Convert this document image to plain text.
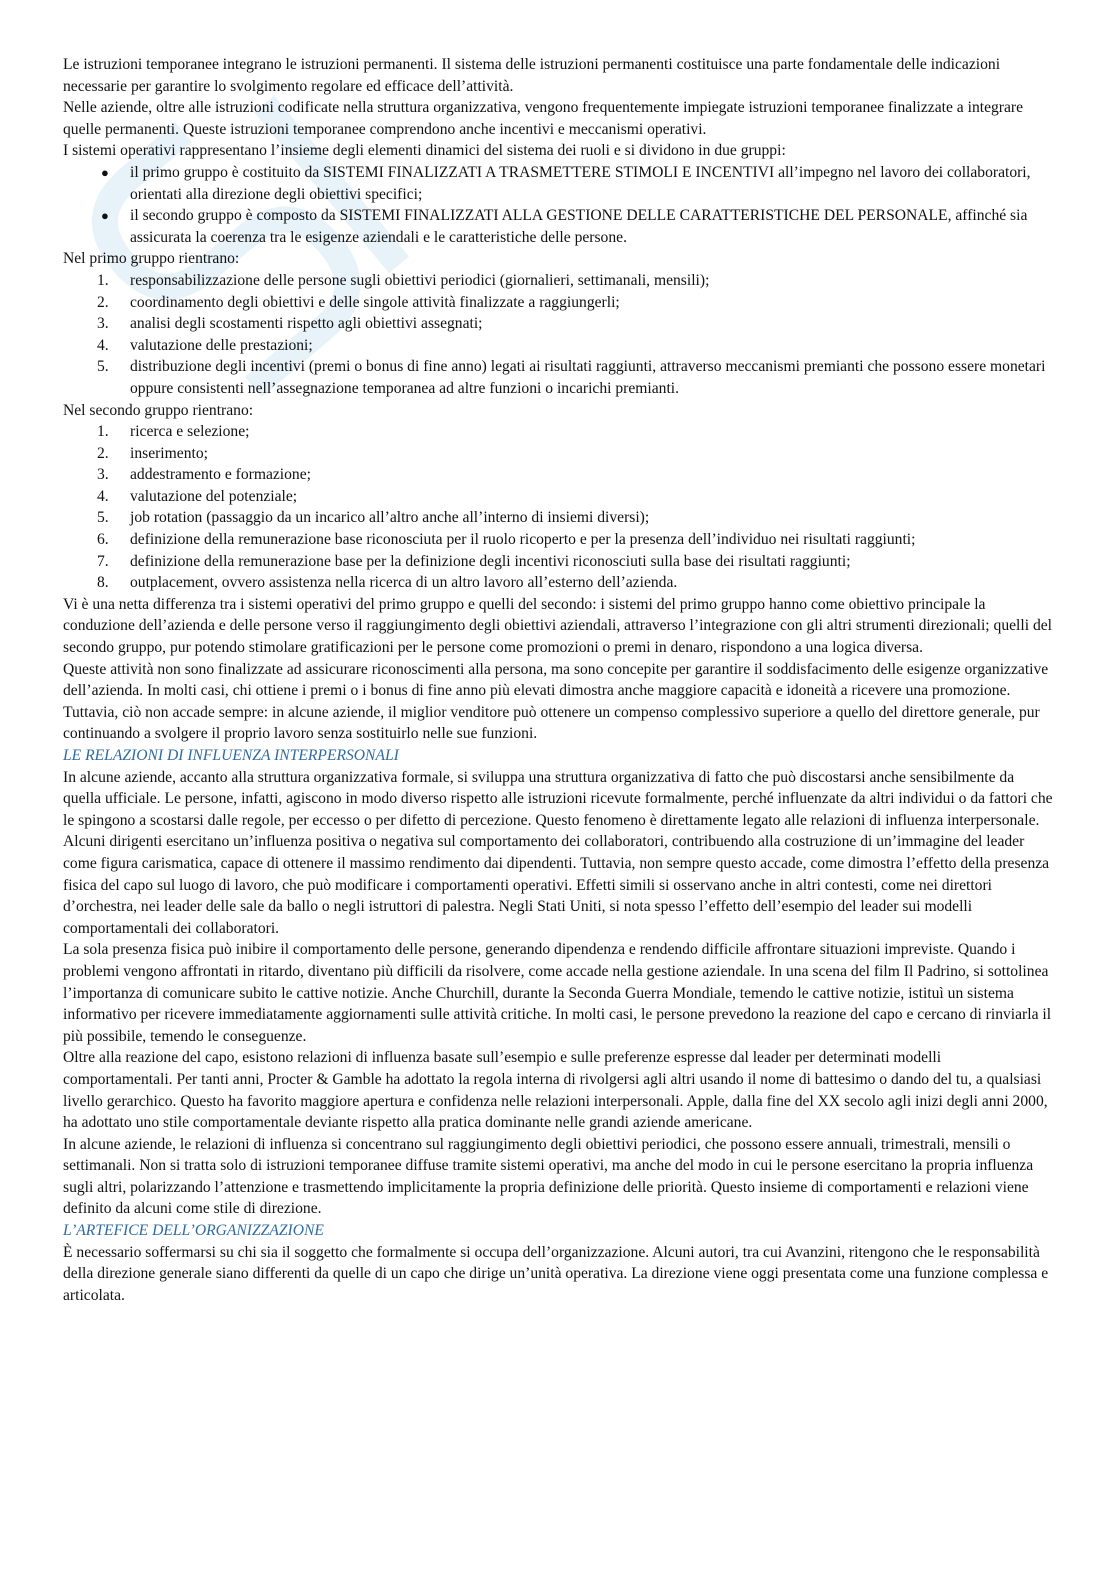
Le istruzioni temporanee integrano le istruzioni permanenti. Il sistema delle istruzioni permanenti costituisce una parte fondamentale delle indicazioni necessarie per garantire lo svolgimento regolare ed efficace dell’attività.

Nelle aziende, oltre alle istruzioni codificate nella struttura organizzativa, vengono frequentemente impiegate istruzioni temporanee finalizzate a integrare quelle permanenti. Queste istruzioni temporanee comprendono anche incentivi e meccanismi operativi.

I sistemi operativi rappresentano l’insieme degli elementi dinamici del sistema dei ruoli e si dividono in due gruppi:

● il primo gruppo è costituito da SISTEMI FINALIZZATI A TRASMETTERE STIMOLI E INCENTIVI all’impegno nel lavoro dei collaboratori, orientati alla direzione degli obiettivi specifici;
● il secondo gruppo è composto da SISTEMI FINALIZZATI ALLA GESTIONE DELLE CARATTERISTICHE DEL PERSONALE, affinché sia assicurata la coerenza tra le esigenze aziendali e le caratteristiche delle persone.

Nel primo gruppo rientrano:

1. responsabilizzazione delle persone sugli obiettivi periodici (giornalieri, settimanali, mensili);
2. coordinamento degli obiettivi e delle singole attività finalizzate a raggiungerli;
3. analisi degli scostamenti rispetto agli obiettivi assegnati;
4. valutazione delle prestazioni;
5. distribuzione degli incentivi (premi o bonus di fine anno) legati ai risultati raggiunti, attraverso meccanismi premianti che possono essere monetari oppure consistenti nell’assegnazione temporanea ad altre funzioni o incarichi premianti.

Nel secondo gruppo rientrano:

1. ricerca e selezione;
2. inserimento;
3. addestramento e formazione;
4. valutazione del potenziale;
5. job rotation (passaggio da un incarico all’altro anche all’interno di insiemi diversi);
6. definizione della remunerazione base riconosciuta per il ruolo ricoperto e per la presenza dell’individuo nei risultati raggiunti;
7. definizione della remunerazione base per la definizione degli incentivi riconosciuti sulla base dei risultati raggiunti;
8. outplacement, ovvero assistenza nella ricerca di un altro lavoro all’esterno dell’azienda.

Vi è una netta differenza tra i sistemi operativi del primo gruppo e quelli del secondo: i sistemi del primo gruppo hanno come obiettivo principale la conduzione dell’azienda e delle persone verso il raggiungimento degli obiettivi aziendali, attraverso l’integrazione con gli altri strumenti direzionali; quelli del secondo gruppo, pur potendo stimolare gratificazioni per le persone come promozioni o premi in denaro, rispondono a una logica diversa.

Queste attività non sono finalizzate ad assicurare riconoscimenti alla persona, ma sono concepite per garantire il soddisfacimento delle esigenze organizzative dell’azienda. In molti casi, chi ottiene i premi o i bonus di fine anno più elevati dimostra anche maggiore capacità e idoneità a ricevere una promozione. Tuttavia, ciò non accade sempre: in alcune aziende, il miglior venditore può ottenere un compenso complessivo superiore a quello del direttore generale, pur continuando a svolgere il proprio lavoro senza sostituirlo nelle sue funzioni.

LE RELAZIONI DI INFLUENZA INTERPERSONALI

In alcune aziende, accanto alla struttura organizzativa formale, si sviluppa una struttura organizzativa di fatto che può discostarsi anche sensibilmente da quella ufficiale. Le persone, infatti, agiscono in modo diverso rispetto alle istruzioni ricevute formalmente, perché influenzate da altri individui o da fattori che le spingono a scostarsi dalle regole, per eccesso o per difetto di percezione. Questo fenomeno è direttamente legato alle relazioni di influenza interpersonale.

Alcuni dirigenti esercitano un’influenza positiva o negativa sul comportamento dei collaboratori, contribuendo alla costruzione di un’immagine del leader come figura carismatica, capace di ottenere il massimo rendimento dai dipendenti. Tuttavia, non sempre questo accade, come dimostra l’effetto della presenza fisica del capo sul luogo di lavoro, che può modificare i comportamenti operativi. Effetti simili si osservano anche in altri contesti, come nei direttori d’orchestra, nei leader delle sale da ballo o negli istruttori di palestra. Negli Stati Uniti, si nota spesso l’effetto dell’esempio del leader sui modelli comportamentali dei collaboratori.

La sola presenza fisica può inibire il comportamento delle persone, generando dipendenza e rendendo difficile affrontare situazioni impreviste. Quando i problemi vengono affrontati in ritardo, diventano più difficili da risolvere, come accade nella gestione aziendale. In una scena del film Il Padrino, si sottolinea l’importanza di comunicare subito le cattive notizie. Anche Churchill, durante la Seconda Guerra Mondiale, temendo le cattive notizie, istituì un sistema informativo per ricevere immediatamente aggiornamenti sulle attività critiche. In molti casi, le persone prevedono la reazione del capo e cercano di rinviarla il più possibile, temendo le conseguenze.

Oltre alla reazione del capo, esistono relazioni di influenza basate sull’esempio e sulle preferenze espresse dal leader per determinati modelli comportamentali. Per tanti anni, Procter & Gamble ha adottato la regola interna di rivolgersi agli altri usando il nome di battesimo o dando del tu, a qualsiasi livello gerarchico. Questo ha favorito maggiore apertura e confidenza nelle relazioni interpersonali. Apple, dalla fine del XX secolo agli inizi degli anni 2000, ha adottato uno stile comportamentale deviante rispetto alla pratica dominante nelle grandi aziende americane.

In alcune aziende, le relazioni di influenza si concentrano sul raggiungimento degli obiettivi periodici, che possono essere annuali, trimestrali, mensili o settimanali. Non si tratta solo di istruzioni temporanee diffuse tramite sistemi operativi, ma anche del modo in cui le persone esercitano la propria influenza sugli altri, polarizzando l’attenzione e trasmettendo implicitamente la propria definizione delle priorità. Questo insieme di comportamenti e relazioni viene definito da alcuni come stile di direzione.

L’ARTEFICE DELL’ORGANIZZAZIONE

È necessario soffermarsi su chi sia il soggetto che formalmente si occupa dell’organizzazione. Alcuni autori, tra cui Avanzini, ritengono che le responsabilità della direzione generale siano differenti da quelle di un capo che dirige un’unità operativa. La direzione viene oggi presentata come una funzione complessa e articolata.
